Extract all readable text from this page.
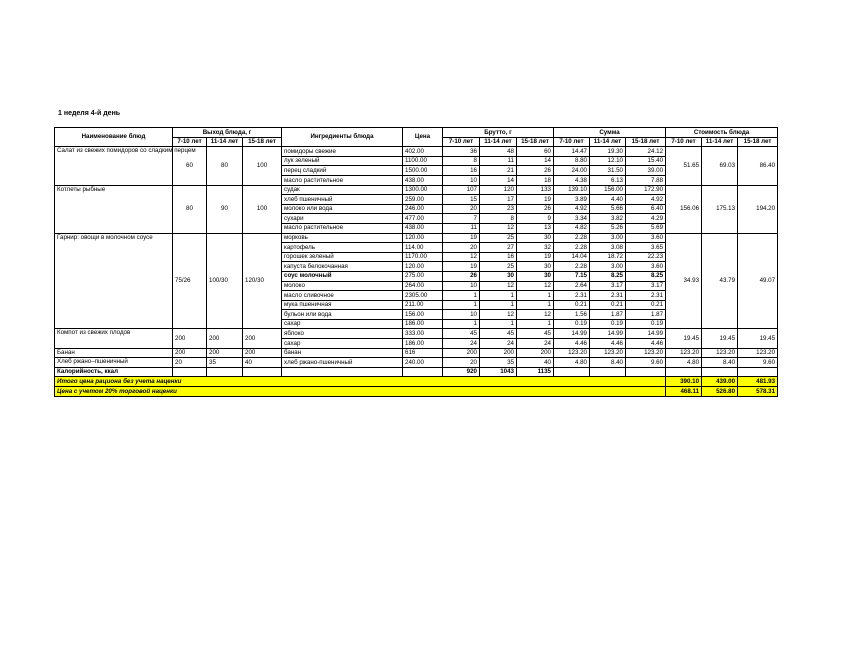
1 неделя 4-й день
Наименование блюд	Выход блюда, г			Ингредиенты блюда	Цена	Брутто, г			Сумма			Стоимость блюда		
	7-10 лет	11-14 лет	15-18 лет			7-10 лет	11-14 лет	15-18 лет	7-10 лет	11-14 лет	15-18 лет	7-10 лет	11-14 лет	15-18 лет
Салат из свежих помидоров со сладким перцем	60	80	100	помидоры свежие	402.00	36	48	60	14.47	19.30	24.12	51.65	69.03	86.40
				лук зеленый	1100.00	8	11	14	8.80	12.10	15.40			
				перец сладкий	1500.00	16	21	26	24.00	31.50	39.00			
				масло растительное	438.00	10	14	18	4.38	6.13	7.88			
Котлеты рыбные	80	90	100	судак	1300.00	107	120	133	139.10	156.00	172.90	156.06	175.13	194.20
				хлеб пшеничный	259.00	15	17	19	3.89	4.40	4.92			
				молоко или вода	246.00	20	23	26	4.92	5.66	6.40			
				сухари	477.00	7	8	9	3.34	3.82	4.29			
				масло растительное	438.00	11	12	13	4.82	5.26	5.69			
Гарнир: овощи в молочном соусе	75/26	100/30	120/30	морковь	120.00	19	25	30	2.28	3.00	3.60	34.93	43.79	49.07
				картофель	114.00	20	27	32	2.28	3.08	3.65			
				горошек зеленый	1170.00	12	16	19	14.04	18.72	22.23			
				капуста белокочанная	120.00	19	25	30	2.28	3.00	3.60			
				соус молочный	275.00	26	30	30	7.15	8.25	8.25			
				молоко	264.00	10	12	12	2.64	3.17	3.17			
				масло сливочное	2305.00	1	1	1	2.31	2.31	2.31			
				мука пшеничная	211.00	1	1	1	0.21	0.21	0.21			
				бульон или вода	156.00	10	12	12	1.56	1.87	1.87			
				сахар	186.00	1	1	1	0.19	0.19	0.19			
Компот из свежих плодов	200	200	200	яблоко	333.00	45	45	45	14.99	14.99	14.99	19.45	19.45	19.45
				сахар	186.00	24	24	24	4.46	4.46	4.46			
Банан	200	200	200	банан	616	200	200	200	123.20	123.20	123.20	123.20	123.20	123.20
Хлеб ржано–пшеничный	20	35	40	хлеб ржано-пшеничный	240.00	20	35	40	4.80	8.40	9.60	4.80	8.40	9.60
Калорийность, ккал						920	1043	1135						
Итого цена рациона без учета наценки												390.10	439.00	481.93
Цена с учетом 20% торговой наценки												468.11	526.80	578.31
